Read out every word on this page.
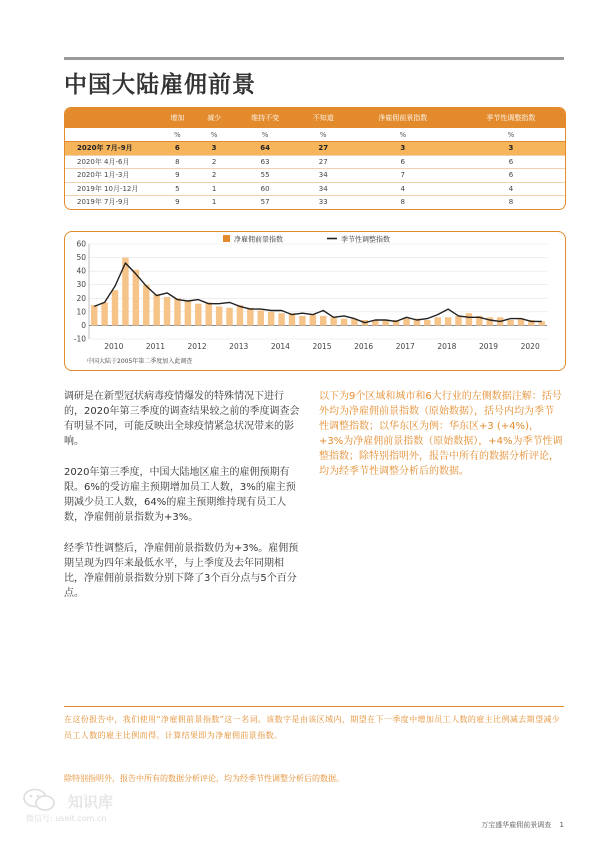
中国大陆雇佣前景
	增加	减少	维持不变	不知道	净雇佣前景指数	季节性调整指数
	%	%	%	%	%	%
2020年 7月-9月	6	3	64	27	3	3
2020年 4月-6月	8	2	63	27	6	6
2020年 1月-3月	9	2	55	34	7	6
2019年 10月-12月	5	1	60	34	4	4
2019年 7月-9月	9	1	57	33	8	8
60
50
40
30
20
10
0
-10
2010	2011	2012	2013	2014	2015	2016	2017	2018	2019	2020
净雇佣前景指数	季节性调整指数
中国大陆于2005年第二季度加入此调查

调研是在新型冠状病毒疫情爆发的特殊情况下进行的，2020年第三季度的调查结果较之前的季度调查会有明显不同，可能反映出全球疫情紧急状况带来的影响。

2020年第三季度，中国大陆地区雇主的雇佣预期有限。6%的受访雇主预期增加员工人数，3%的雇主预期减少员工人数，64%的雇主预期维持现有员工人数，净雇佣前景指数为+3%。

经季节性调整后，净雇佣前景指数仍为+3%。雇佣预期呈现为四年来最低水平，与上季度及去年同期相比，净雇佣前景指数分别下降了3个百分点与5个百分点。

以下为9个区域和城市和6大行业的左侧数据注解：括号外均为净雇佣前景指数（原始数据），括号内均为季节性调整指数；以华东区为例：华东区+3 (+4%)，+3%为净雇佣前景指数（原始数据），+4%为季节性调整指数；除特别指明外，报告中所有的数据分析评论，均为经季节性调整分析后的数据。

在这份报告中，我们使用“净雇佣前景指数”这一名词。该数字是由该区域内，期望在下一季度中增加员工人数的雇主比例减去期望减少员工人数的雇主比例而得。计算结果即为净雇佣前景指数。

除特别指明外，报告中所有的数据分析评论，均为经季节性调整分析后的数据。

知识库
微信号: useit.com.cn
万宝盛华雇佣前景调查 1
